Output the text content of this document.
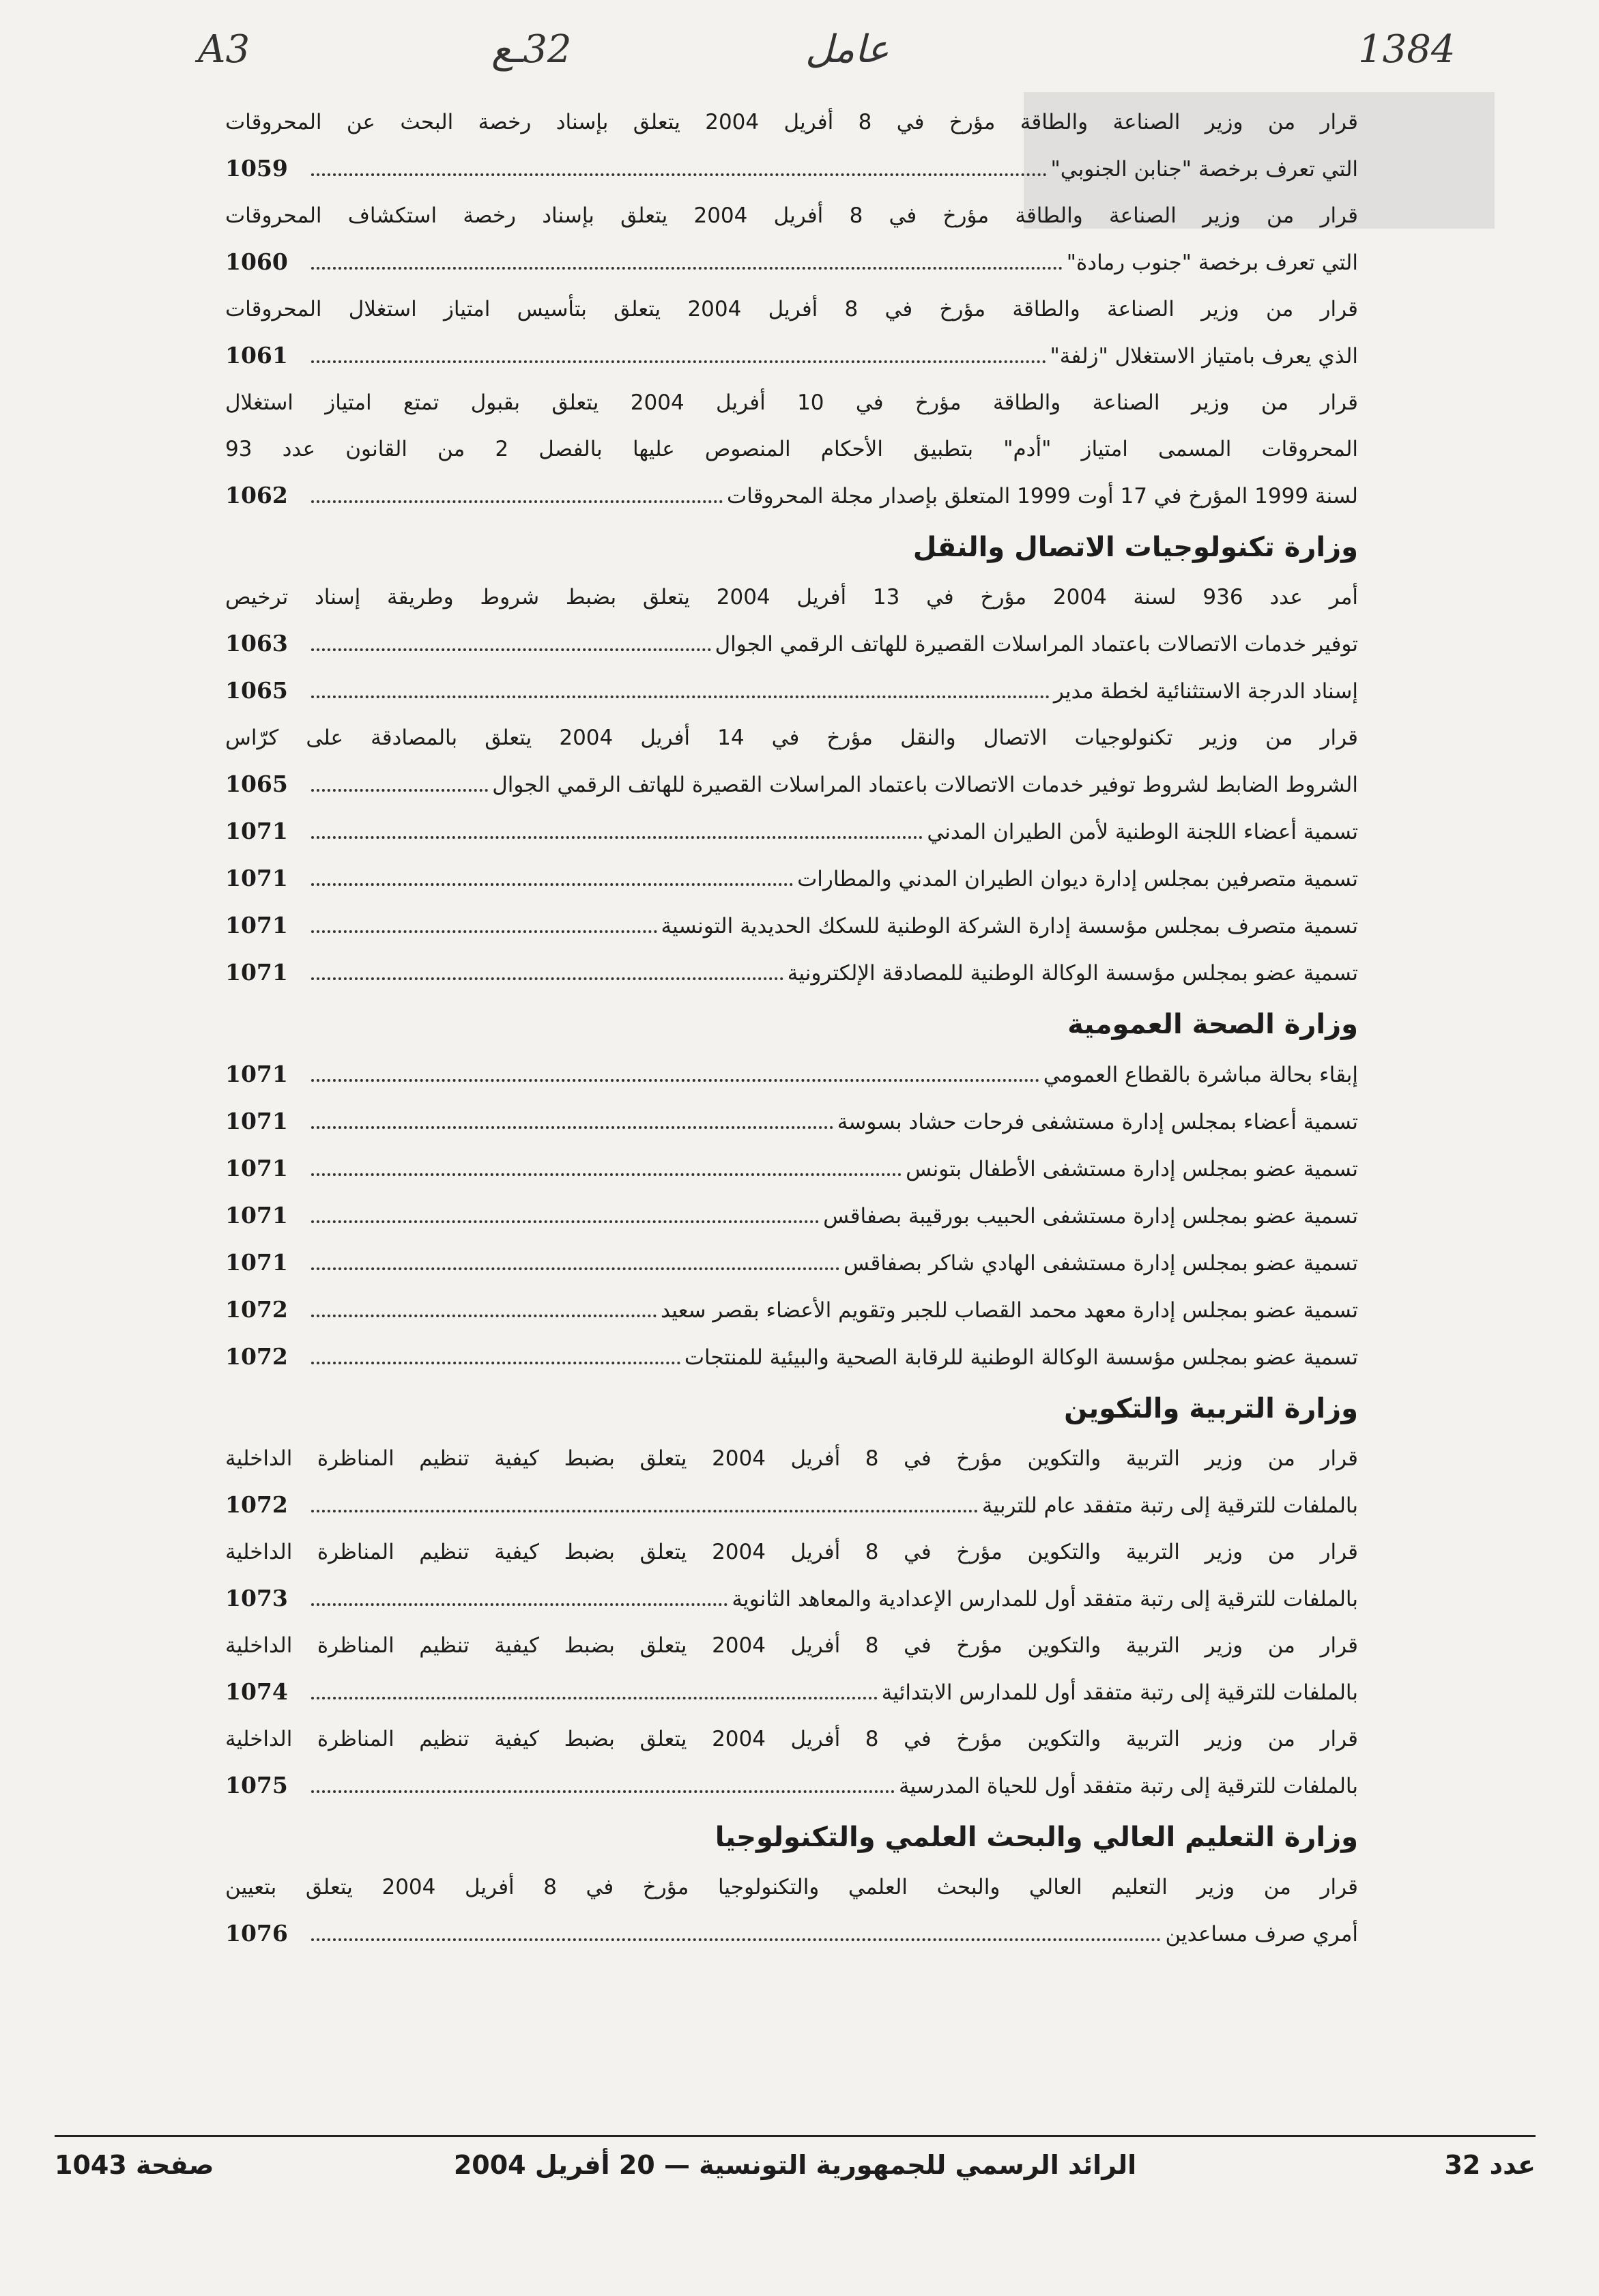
A3	32ـع	عامل	1384
قرار من وزير الصناعة والطاقة مؤرخ في 8 أفريل 2004 يتعلق بإسناد رخصة البحث عن المحروقات
التي تعرف برخصة "جنابن الجنوبي"
1059
قرار من وزير الصناعة والطاقة مؤرخ في 8 أفريل 2004 يتعلق بإسناد رخصة استكشاف المحروقات
التي تعرف برخصة "جنوب رمادة"
1060
قرار من وزير الصناعة والطاقة مؤرخ في 8 أفريل 2004 يتعلق بتأسيس امتياز استغلال المحروقات
الذي يعرف بامتياز الاستغلال "زلفة"
1061
قرار من وزير الصناعة والطاقة مؤرخ في 10 أفريل 2004 يتعلق بقبول تمتع امتياز استغلال
المحروقات المسمى امتياز "أدم" بتطبيق الأحكام المنصوص عليها بالفصل 2 من القانون عدد 93
لسنة 1999 المؤرخ في 17 أوت 1999 المتعلق بإصدار مجلة المحروقات
1062
وزارة تكنولوجيات الاتصال والنقل
أمر عدد 936 لسنة 2004 مؤرخ في 13 أفريل 2004 يتعلق بضبط شروط وطريقة إسناد ترخيص
توفير خدمات الاتصالات باعتماد المراسلات القصيرة للهاتف الرقمي الجوال
1063
إسناد الدرجة الاستثنائية لخطة مدير
1065
قرار من وزير تكنولوجيات الاتصال والنقل مؤرخ في 14 أفريل 2004 يتعلق بالمصادقة على كرّاس
الشروط الضابط لشروط توفير خدمات الاتصالات باعتماد المراسلات القصيرة للهاتف الرقمي الجوال
1065
تسمية أعضاء اللجنة الوطنية لأمن الطيران المدني
1071
تسمية متصرفين بمجلس إدارة ديوان الطيران المدني والمطارات
1071
تسمية متصرف بمجلس مؤسسة إدارة الشركة الوطنية للسكك الحديدية التونسية
1071
تسمية عضو بمجلس مؤسسة الوكالة الوطنية للمصادقة الإلكترونية
1071
وزارة الصحة العمومية
إبقاء بحالة مباشرة بالقطاع العمومي
1071
تسمية أعضاء بمجلس إدارة مستشفى فرحات حشاد بسوسة
1071
تسمية عضو بمجلس إدارة مستشفى الأطفال بتونس
1071
تسمية عضو بمجلس إدارة مستشفى الحبيب بورقيبة بصفاقس
1071
تسمية عضو بمجلس إدارة مستشفى الهادي شاكر بصفاقس
1071
تسمية عضو بمجلس إدارة معهد محمد القصاب للجبر وتقويم الأعضاء بقصر سعيد
1072
تسمية عضو بمجلس مؤسسة الوكالة الوطنية للرقابة الصحية والبيئية للمنتجات
1072
وزارة التربية والتكوين
قرار من وزير التربية والتكوين مؤرخ في 8 أفريل 2004 يتعلق بضبط كيفية تنظيم المناظرة الداخلية
بالملفات للترقية إلى رتبة متفقد عام للتربية
1072
قرار من وزير التربية والتكوين مؤرخ في 8 أفريل 2004 يتعلق بضبط كيفية تنظيم المناظرة الداخلية
بالملفات للترقية إلى رتبة متفقد أول للمدارس الإعدادية والمعاهد الثانوية
1073
قرار من وزير التربية والتكوين مؤرخ في 8 أفريل 2004 يتعلق بضبط كيفية تنظيم المناظرة الداخلية
بالملفات للترقية إلى رتبة متفقد أول للمدارس الابتدائية
1074
قرار من وزير التربية والتكوين مؤرخ في 8 أفريل 2004 يتعلق بضبط كيفية تنظيم المناظرة الداخلية
بالملفات للترقية إلى رتبة متفقد أول للحياة المدرسية
1075
وزارة التعليم العالي والبحث العلمي والتكنولوجيا
قرار من وزير التعليم العالي والبحث العلمي والتكنولوجيا مؤرخ في 8 أفريل 2004 يتعلق بتعيين
أمري صرف مساعدين
1076
عدد 32
الرائد الرسمي للجمهورية التونسية — 20 أفريل 2004
صفحة 1043
